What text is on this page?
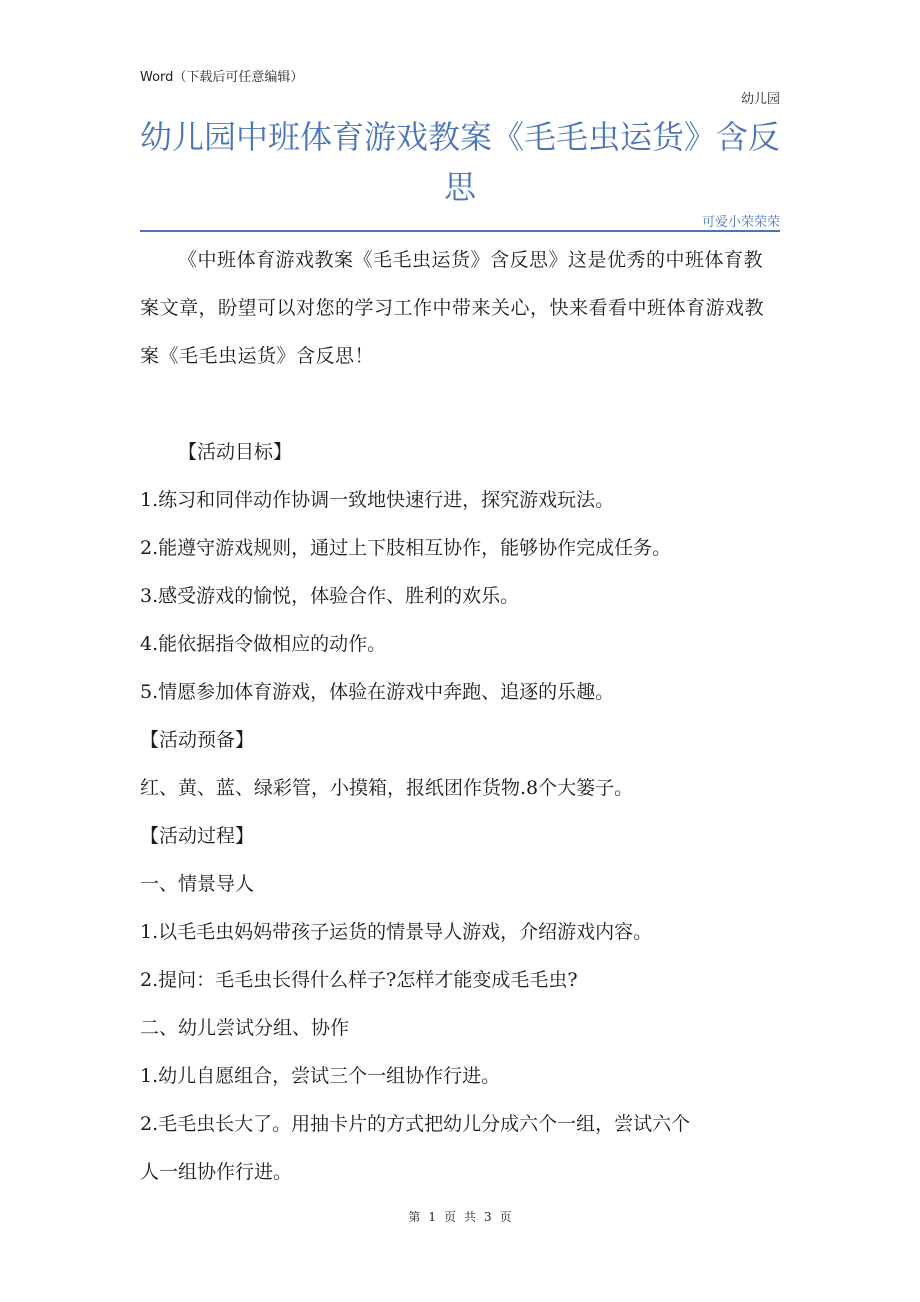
Word（下载后可任意编辑）
幼儿园
幼儿园中班体育游戏教案《毛毛虫运货》含反思
可爱小荣荣荣

《中班体育游戏教案《毛毛虫运货》含反思》这是优秀的中班体育教案文章，盼望可以对您的学习工作中带来关心，快来看看中班体育游戏教案《毛毛虫运货》含反思！

【活动目标】

1.练习和同伴动作协调一致地快速行进，探究游戏玩法。

2.能遵守游戏规则，通过上下肢相互协作，能够协作完成任务。

3.感受游戏的愉悦，体验合作、胜利的欢乐。

4.能依据指令做相应的动作。

5.情愿参加体育游戏，体验在游戏中奔跑、追逐的乐趣。

【活动预备】

红、黄、蓝、绿彩管，小摸箱，报纸团作货物.8个大篓子。

【活动过程】

一、情景导人

1.以毛毛虫妈妈带孩子运货的情景导人游戏，介绍游戏内容。

2.提问：毛毛虫长得什么样子?怎样才能变成毛毛虫?

二、幼儿尝试分组、协作

1.幼儿自愿组合，尝试三个一组协作行进。

2.毛毛虫长大了。用抽卡片的方式把幼儿分成六个一组，尝试六个

人一组协作行进。

第 1 页 共 3 页
